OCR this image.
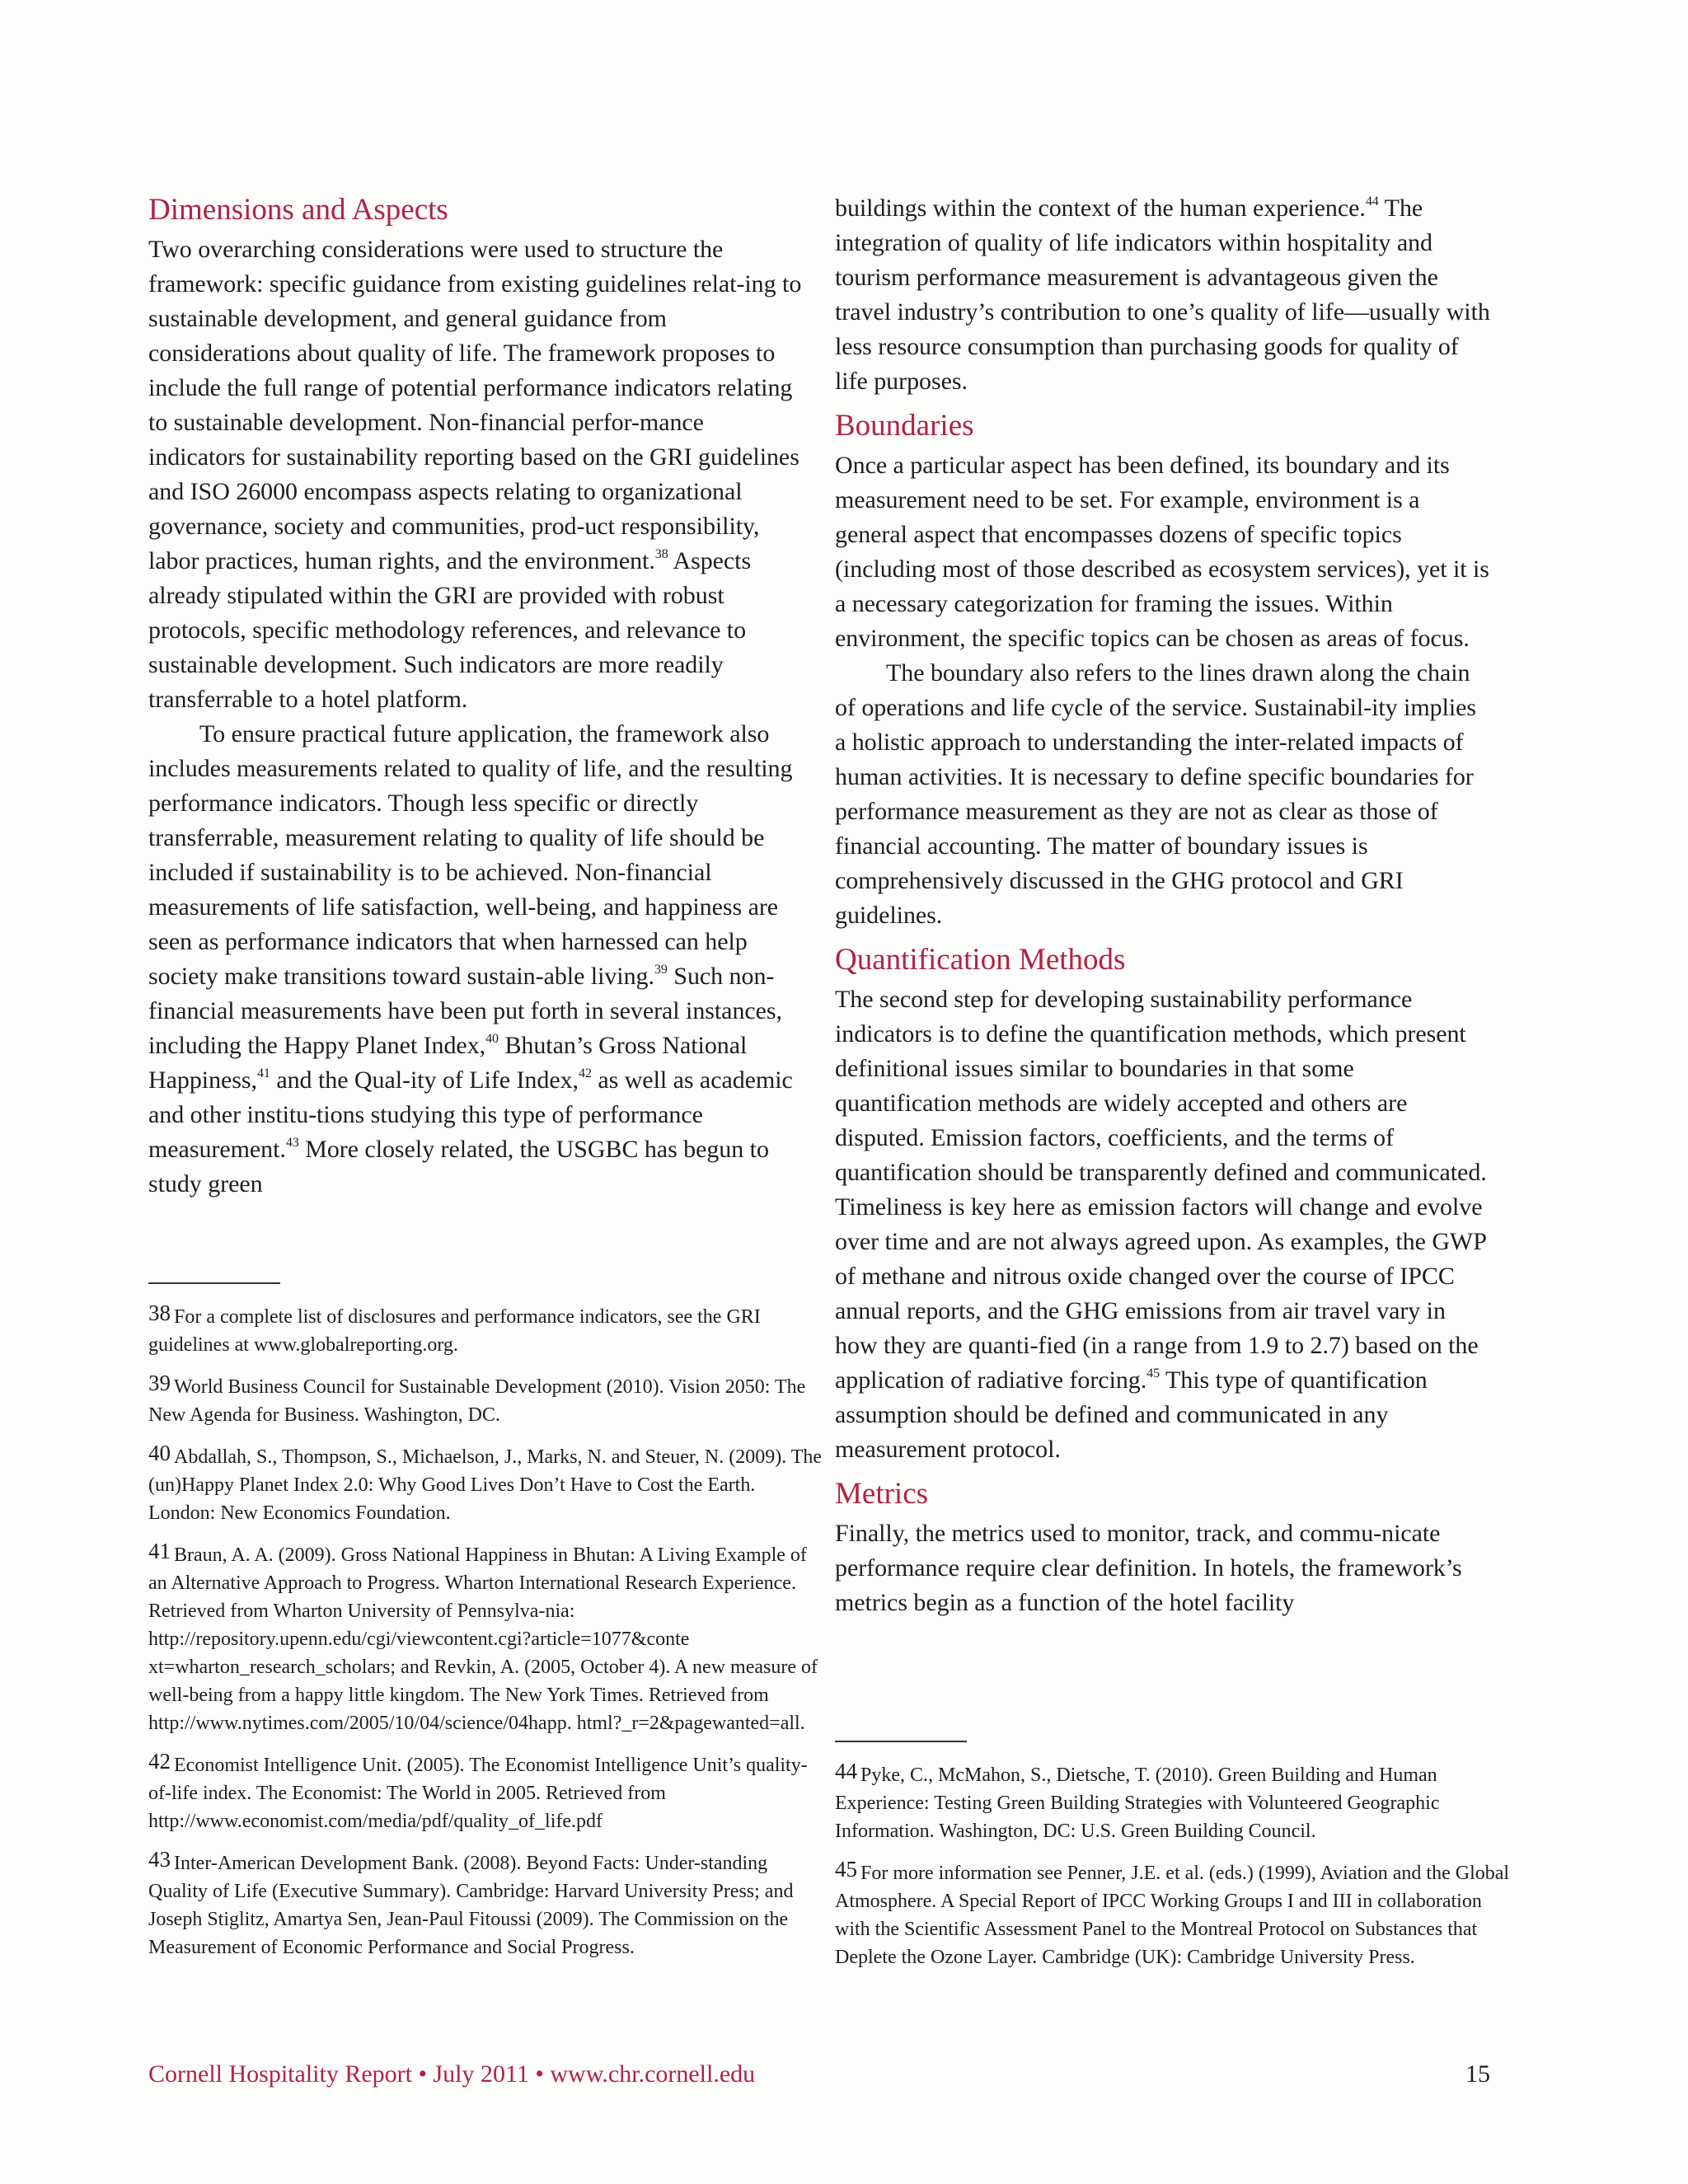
Dimensions and Aspects

Two overarching considerations were used to structure the framework: specific guidance from existing guidelines relat-ing to sustainable development, and general guidance from considerations about quality of life. The framework proposes to include the full range of potential performance indicators relating to sustainable development. Non-financial perfor-mance indicators for sustainability reporting based on the GRI guidelines and ISO 26000 encompass aspects relating to organizational governance, society and communities, prod-uct responsibility, labor practices, human rights, and the environment.$^{38}$ Aspects already stipulated within the GRI are provided with robust protocols, specific methodology references, and relevance to sustainable development. Such indicators are more readily transferrable to a hotel platform.

To ensure practical future application, the framework also includes measurements related to quality of life, and the resulting performance indicators. Though less specific or directly transferrable, measurement relating to quality of life should be included if sustainability is to be achieved. Non-financial measurements of life satisfaction, well-being, and happiness are seen as performance indicators that when harnessed can help society make transitions toward sustain-able living.$^{39}$ Such non-financial measurements have been put forth in several instances, including the Happy Planet Index,$^{40}$ Bhutan’s Gross National Happiness,$^{41}$ and the Qual-ity of Life Index,$^{42}$ as well as academic and other institu-tions studying this type of performance measurement.$^{43}$ More closely related, the USGBC has begun to study green

38 For a complete list of disclosures and performance indicators, see the GRI guidelines at www.globalreporting.org.

39 World Business Council for Sustainable Development (2010). Vision 2050: The New Agenda for Business. Washington, DC.

40 Abdallah, S., Thompson, S., Michaelson, J., Marks, N. and Steuer, N. (2009). The (un)Happy Planet Index 2.0: Why Good Lives Don’t Have to Cost the Earth. London: New Economics Foundation.

41 Braun, A. A. (2009). Gross National Happiness in Bhutan: A Living Example of an Alternative Approach to Progress. Wharton International Research Experience. Retrieved from Wharton University of Pennsylva-nia: http://repository.upenn.edu/cgi/viewcontent.cgi?article=1077&conte xt=wharton_research_scholars; and Revkin, A. (2005, October 4). A new measure of well-being from a happy little kingdom. The New York Times. Retrieved from http://www.nytimes.com/2005/10/04/science/04happ. html?_r=2&pagewanted=all.

42 Economist Intelligence Unit. (2005). The Economist Intelligence Unit’s quality-of-life index. The Economist: The World in 2005. Retrieved from http://www.economist.com/media/pdf/quality_of_life.pdf

43 Inter-American Development Bank. (2008). Beyond Facts: Under-standing Quality of Life (Executive Summary). Cambridge: Harvard University Press; and Joseph Stiglitz, Amartya Sen, Jean-Paul Fitoussi (2009). The Commission on the Measurement of Economic Performance and Social Progress.

buildings within the context of the human experience.$^{44}$ The integration of quality of life indicators within hospitality and tourism performance measurement is advantageous given the travel industry’s contribution to one’s quality of life—usually with less resource consumption than purchasing goods for quality of life purposes.

Boundaries

Once a particular aspect has been defined, its boundary and its measurement need to be set. For example, environment is a general aspect that encompasses dozens of specific topics (including most of those described as ecosystem services), yet it is a necessary categorization for framing the issues. Within environment, the specific topics can be chosen as areas of focus.

The boundary also refers to the lines drawn along the chain of operations and life cycle of the service. Sustainabil-ity implies a holistic approach to understanding the inter-related impacts of human activities. It is necessary to define specific boundaries for performance measurement as they are not as clear as those of financial accounting. The matter of boundary issues is comprehensively discussed in the GHG protocol and GRI guidelines.

Quantification Methods

The second step for developing sustainability performance indicators is to define the quantification methods, which present definitional issues similar to boundaries in that some quantification methods are widely accepted and others are disputed. Emission factors, coefficients, and the terms of quantification should be transparently defined and communicated. Timeliness is key here as emission factors will change and evolve over time and are not always agreed upon. As examples, the GWP of methane and nitrous oxide changed over the course of IPCC annual reports, and the GHG emissions from air travel vary in how they are quanti-fied (in a range from 1.9 to 2.7) based on the application of radiative forcing.$^{45}$ This type of quantification assumption should be defined and communicated in any measurement protocol.

Metrics

Finally, the metrics used to monitor, track, and commu-nicate performance require clear definition. In hotels, the framework’s metrics begin as a function of the hotel facility

44 Pyke, C., McMahon, S., Dietsche, T. (2010). Green Building and Human Experience: Testing Green Building Strategies with Volunteered Geographic Information. Washington, DC: U.S. Green Building Council.

45 For more information see Penner, J.E. et al. (eds.) (1999), Aviation and the Global Atmosphere. A Special Report of IPCC Working Groups I and III in collaboration with the Scientific Assessment Panel to the Montreal Protocol on Substances that Deplete the Ozone Layer. Cambridge (UK): Cambridge University Press.

Cornell Hospitality Report • July 2011 • www.chr.cornell.edu	15
